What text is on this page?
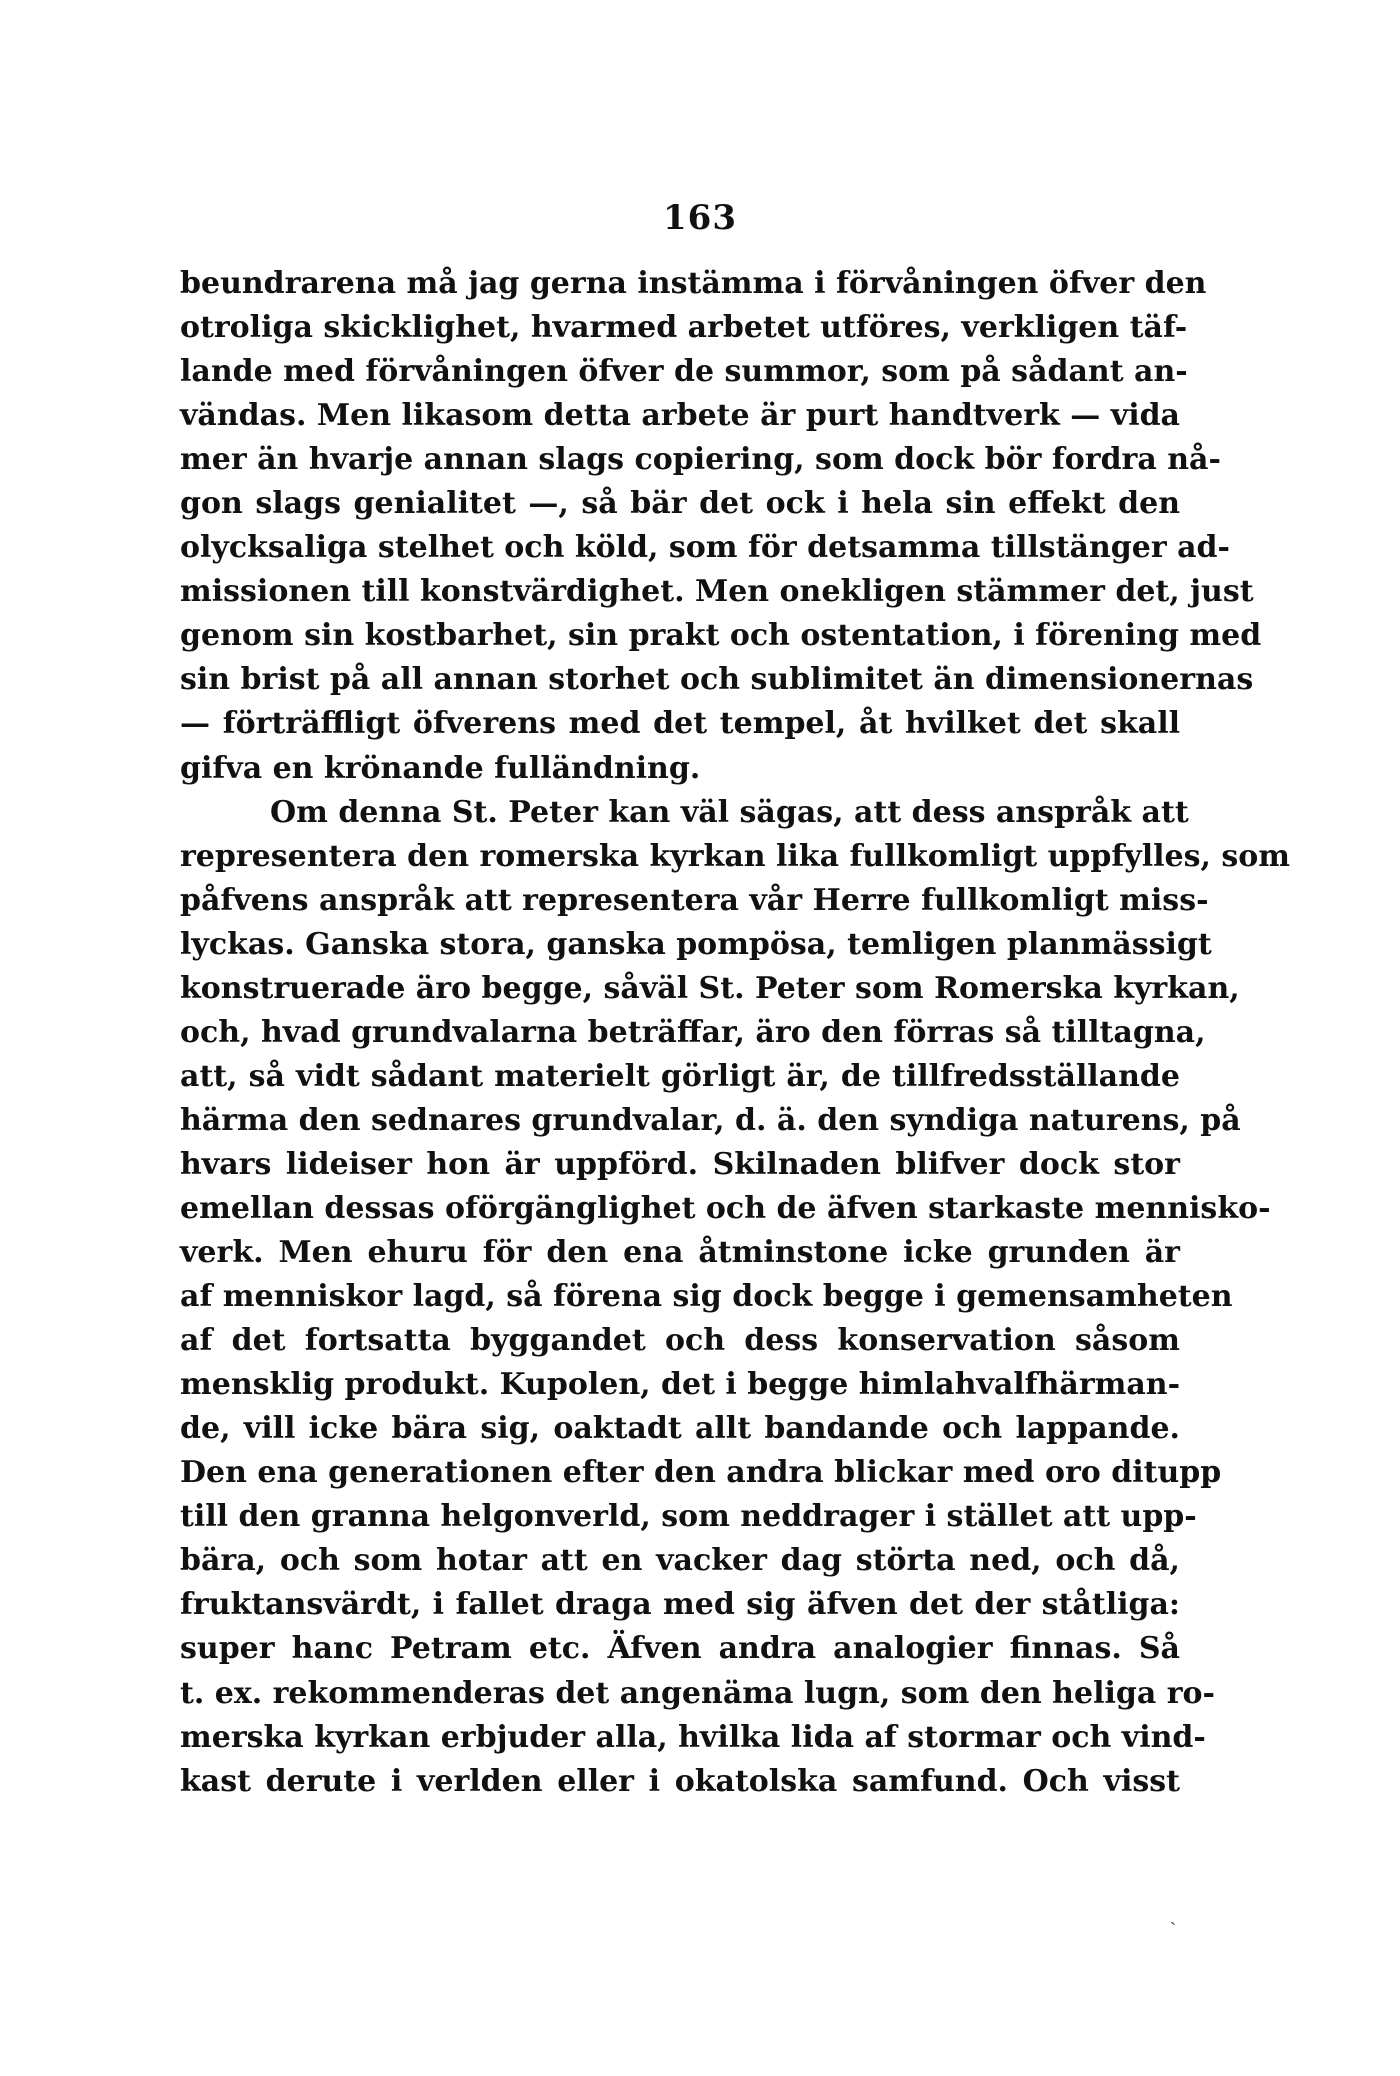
163
beundrarena må jag gerna instämma i förvåningen öfver den
otroliga skicklighet, hvarmed arbetet utföres, verkligen täf-
lande med förvåningen öfver de summor, som på sådant an-
vändas. Men likasom detta arbete är purt handtverk — vida
mer än hvarje annan slags copiering, som dock bör fordra nå-
gon slags genialitet —, så bär det ock i hela sin effekt den
olycksaliga stelhet och köld, som för detsamma tillstänger ad-
missionen till konstvärdighet. Men onekligen stämmer det, just
genom sin kostbarhet, sin prakt och ostentation, i förening med
sin brist på all annan storhet och sublimitet än dimensionernas
— förträffligt öfverens med det tempel, åt hvilket det skall
gifva en krönande fulländning.
Om denna St. Peter kan väl sägas, att dess anspråk att
representera den romerska kyrkan lika fullkomligt uppfylles, som
påfvens anspråk att representera vår Herre fullkomligt miss-
lyckas. Ganska stora, ganska pompösa, temligen planmässigt
konstruerade äro begge, såväl St. Peter som Romerska kyrkan,
och, hvad grundvalarna beträffar, äro den förras så tilltagna,
att, så vidt sådant materielt görligt är, de tillfredsställande
härma den sednares grundvalar, d. ä. den syndiga naturens, på
hvars lideiser hon är uppförd. Skilnaden blifver dock stor
emellan dessas oförgänglighet och de äfven starkaste mennisko-
verk. Men ehuru för den ena åtminstone icke grunden är
af menniskor lagd, så förena sig dock begge i gemensamheten
af det fortsatta byggandet och dess konservation såsom
mensklig produkt. Kupolen, det i begge himlahvalfhärman-
de, vill icke bära sig, oaktadt allt bandande och lappande.
Den ena generationen efter den andra blickar med oro ditupp
till den granna helgonverld, som neddrager i stället att upp-
bära, och som hotar att en vacker dag störta ned, och då,
fruktansvärdt, i fallet draga med sig äfven det der ståtliga:
super hanc Petram etc. Äfven andra analogier finnas. Så
t. ex. rekommenderas det angenäma lugn, som den heliga ro-
merska kyrkan erbjuder alla, hvilka lida af stormar och vind-
kast derute i verlden eller i okatolska samfund. Och visst
ˏ
